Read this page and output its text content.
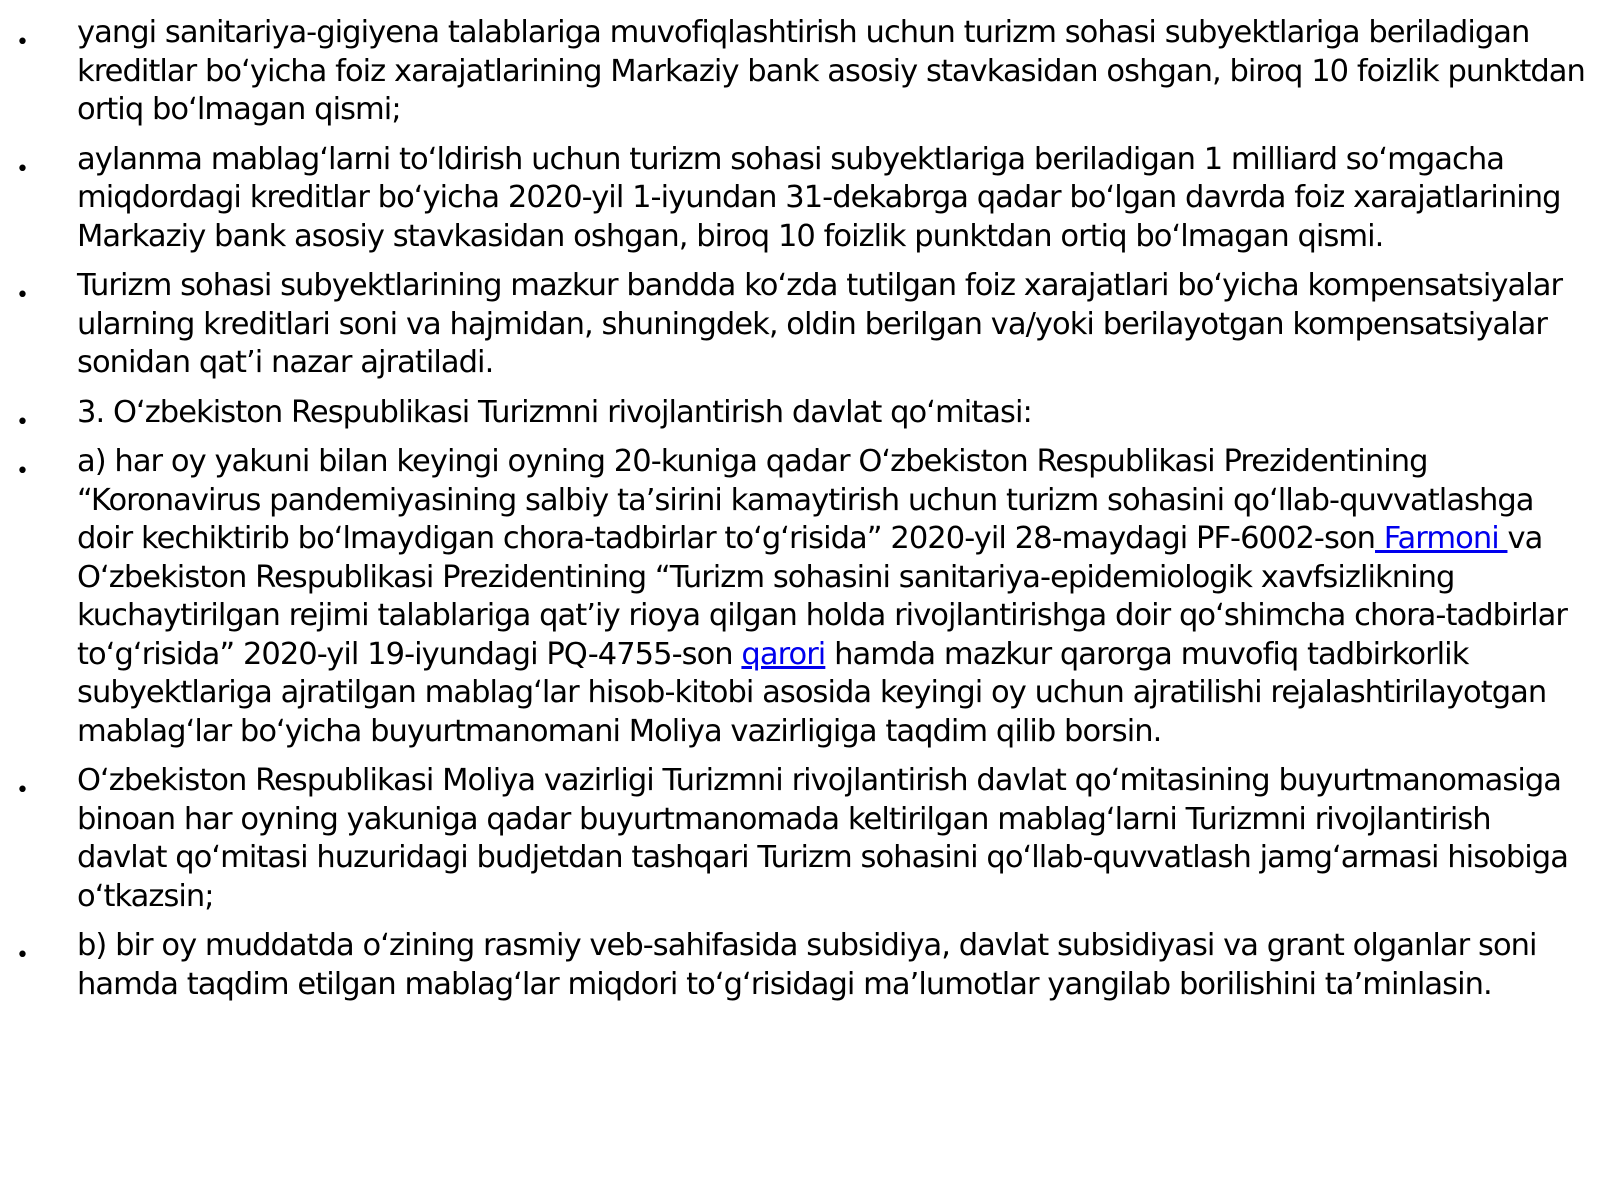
• yangi sanitariya-gigiyena talablariga muvofiqlashtirish uchun turizm sohasi subyektlariga beriladigan kreditlar boʻyicha foiz xarajatlarining Markaziy bank asosiy stavkasidan oshgan, biroq 10 foizlik punktdan ortiq boʻlmagan qismi;
• aylanma mablagʻlarni toʻldirish uchun turizm sohasi subyektlariga beriladigan 1 milliard soʻmgacha miqdordagi kreditlar boʻyicha 2020-yil 1-iyundan 31-dekabrga qadar boʻlgan davrda foiz xarajatlarining Markaziy bank asosiy stavkasidan oshgan, biroq 10 foizlik punktdan ortiq boʻlmagan qismi.
• Turizm sohasi subyektlarining mazkur bandda koʻzda tutilgan foiz xarajatlari boʻyicha kompensatsiyalar ularning kreditlari soni va hajmidan, shuningdek, oldin berilgan va/yoki berilayotgan kompensatsiyalar sonidan qatʼi nazar ajratiladi.
• 3. Oʻzbekiston Respublikasi Turizmni rivojlantirish davlat qoʻmitasi:
• a) har oy yakuni bilan keyingi oyning 20-kuniga qadar Oʻzbekiston Respublikasi Prezidentining “Koronavirus pandemiyasining salbiy taʼsirini kamaytirish uchun turizm sohasini qoʻllab-quvvatlashga doir kechiktirib boʻlmaydigan chora-tadbirlar toʻgʻrisida” 2020-yil 28-maydagi PF-6002-son Farmoni va Oʻzbekiston Respublikasi Prezidentining “Turizm sohasini sanitariya-epidemiologik xavfsizlikning kuchaytirilgan rejimi talablariga qatʼiy rioya qilgan holda rivojlantirishga doir qoʻshimcha chora-tadbirlar toʻgʻrisida” 2020-yil 19-iyundagi PQ-4755-son qarori hamda mazkur qarorga muvofiq tadbirkorlik subyektlariga ajratilgan mablagʻlar hisob-kitobi asosida keyingi oy uchun ajratilishi rejalashtirilayotgan mablagʻlar boʻyicha buyurtmanomani Moliya vazirligiga taqdim qilib borsin.
• Oʻzbekiston Respublikasi Moliya vazirligi Turizmni rivojlantirish davlat qoʻmitasining buyurtmanomasiga binoan har oyning yakuniga qadar buyurtmanomada keltirilgan mablagʻlarni Turizmni rivojlantirish davlat qoʻmitasi huzuridagi budjetdan tashqari Turizm sohasini qoʻllab-quvvatlash jamgʻarmasi hisobiga oʻtkazsin;
• b) bir oy muddatda oʻzining rasmiy veb-sahifasida subsidiya, davlat subsidiyasi va grant olganlar soni hamda taqdim etilgan mablagʻlar miqdori toʻgʻrisidagi maʼlumotlar yangilab borilishini taʼminlasin.
